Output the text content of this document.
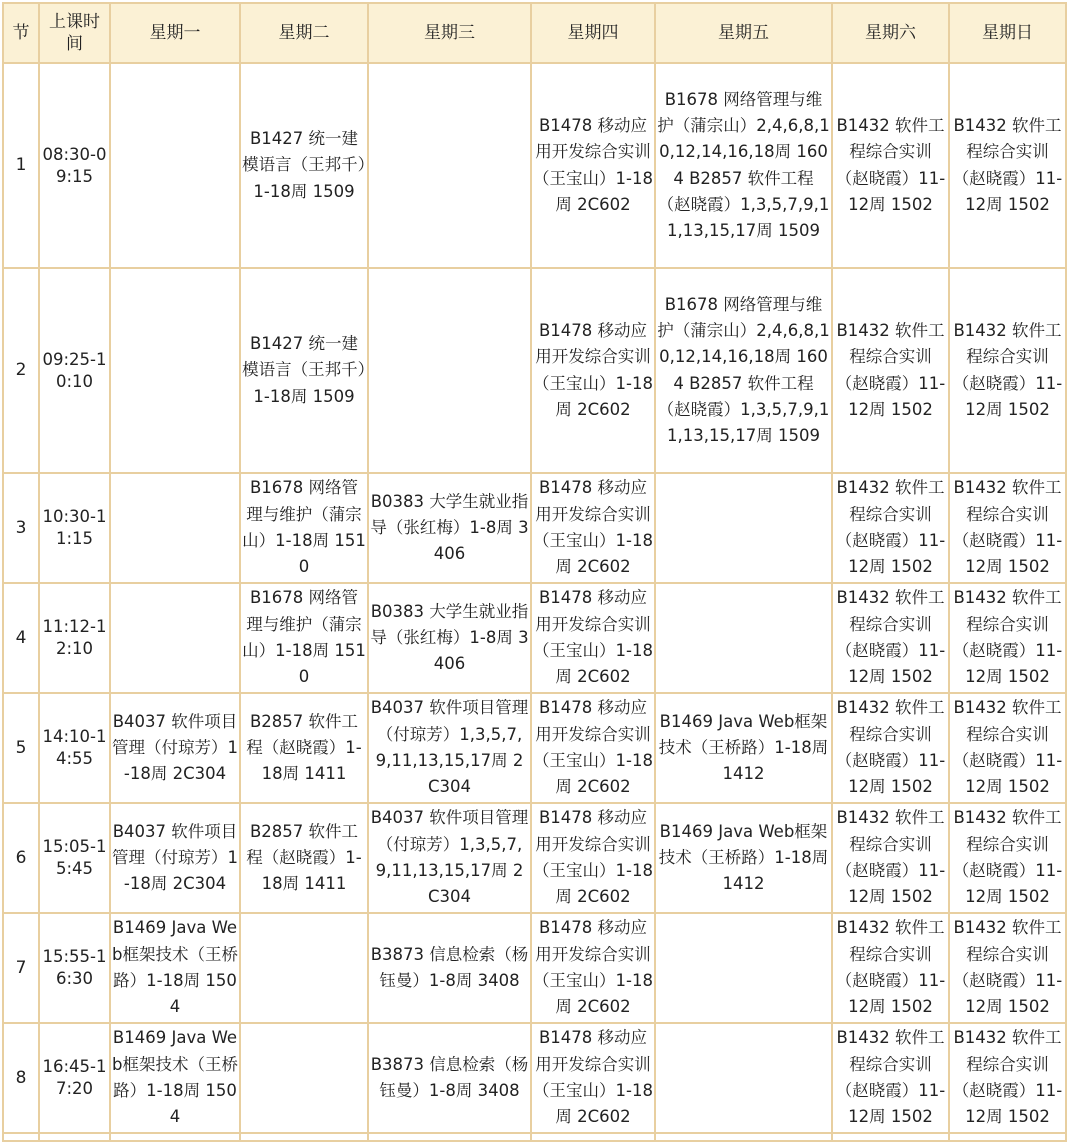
节	上课时间	星期一	星期二	星期三	星期四	星期五	星期六	星期日
1	08:30-09:15		B1427 统一建模语言（王邦千）1-18周 1509		B1478 移动应用开发综合实训（王宝山）1-18周 2C602	B1678 网络管理与维护（蒲宗山）2,4,6,8,10,12,14,16,18周 1604 B2857 软件工程（赵晓霞）1,3,5,7,9,11,13,15,17周 1509	B1432 软件工程综合实训（赵晓霞）11-12周 1502	B1432 软件工程综合实训（赵晓霞）11-12周 1502
2	09:25-10:10		B1427 统一建模语言（王邦千）1-18周 1509		B1478 移动应用开发综合实训（王宝山）1-18周 2C602	B1678 网络管理与维护（蒲宗山）2,4,6,8,10,12,14,16,18周 1604 B2857 软件工程（赵晓霞）1,3,5,7,9,11,13,15,17周 1509	B1432 软件工程综合实训（赵晓霞）11-12周 1502	B1432 软件工程综合实训（赵晓霞）11-12周 1502
3	10:30-11:15		B1678 网络管理与维护（蒲宗山）1-18周 1510	B0383 大学生就业指导（张红梅）1-8周 3406	B1478 移动应用开发综合实训（王宝山）1-18周 2C602		B1432 软件工程综合实训（赵晓霞）11-12周 1502	B1432 软件工程综合实训（赵晓霞）11-12周 1502
4	11:12-12:10		B1678 网络管理与维护（蒲宗山）1-18周 1510	B0383 大学生就业指导（张红梅）1-8周 3406	B1478 移动应用开发综合实训（王宝山）1-18周 2C602		B1432 软件工程综合实训（赵晓霞）11-12周 1502	B1432 软件工程综合实训（赵晓霞）11-12周 1502
5	14:10-14:55	B4037 软件项目管理（付琼芳）1-18周 2C304	B2857 软件工程（赵晓霞）1-18周 1411	B4037 软件项目管理（付琼芳）1,3,5,7,9,11,13,15,17周 2C304	B1478 移动应用开发综合实训（王宝山）1-18周 2C602	B1469 Java Web框架技术（王桥路）1-18周 1412	B1432 软件工程综合实训（赵晓霞）11-12周 1502	B1432 软件工程综合实训（赵晓霞）11-12周 1502
6	15:05-15:45	B4037 软件项目管理（付琼芳）1-18周 2C304	B2857 软件工程（赵晓霞）1-18周 1411	B4037 软件项目管理（付琼芳）1,3,5,7,9,11,13,15,17周 2C304	B1478 移动应用开发综合实训（王宝山）1-18周 2C602	B1469 Java Web框架技术（王桥路）1-18周 1412	B1432 软件工程综合实训（赵晓霞）11-12周 1502	B1432 软件工程综合实训（赵晓霞）11-12周 1502
7	15:55-16:30	B1469 Java Web框架技术（王桥路）1-18周 1504		B3873 信息检索（杨钰曼）1-8周 3408	B1478 移动应用开发综合实训（王宝山）1-18周 2C602		B1432 软件工程综合实训（赵晓霞）11-12周 1502	B1432 软件工程综合实训（赵晓霞）11-12周 1502
8	16:45-17:20	B1469 Java Web框架技术（王桥路）1-18周 1504		B3873 信息检索（杨钰曼）1-8周 3408	B1478 移动应用开发综合实训（王宝山）1-18周 2C602		B1432 软件工程综合实训（赵晓霞）11-12周 1502	B1432 软件工程综合实训（赵晓霞）11-12周 1502
